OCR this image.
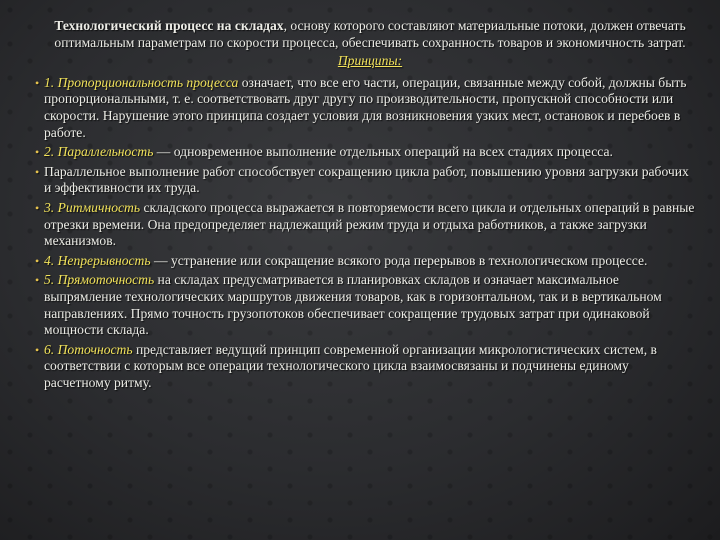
Технологический процесс на складах, основу которого составляют материальные потоки, должен отвечать оптимальным параметрам по скорости процесса, обеспечивать сохранность товаров и экономичность затрат.

Принципы:

• 1. Пропорциональность процесса означает, что все его части, операции, связанные между собой, должны быть пропорциональными, т. е. соответствовать друг другу по производительности, пропускной способности или скорости. Нарушение этого принципа создает условия для возникновения узких мест, остановок и перебоев в работе.
• 2. Параллельность — одновременное выполнение отдельных операций на всех стадиях процесса.
• Параллельное выполнение работ способствует сокращению цикла работ, повышению уровня загрузки рабочих и эффективности их труда.
• 3. Ритмичность складского процесса выражается в повторяемости всего цикла и отдельных операций в равные отрезки времени. Она предопределяет надлежащий режим труда и отдыха работников, а также загрузки механизмов.
• 4. Непрерывность — устранение или сокращение всякого рода перерывов в технологическом процессе.
• 5. Прямоточность на складах предусматривается в планировках складов и означает максимальное выпрямление технологических маршрутов движения товаров, как в горизонтальном, так и в вертикальном направлениях. Прямо точность грузопотоков обеспечивает сокращение трудовых затрат при одинаковой мощности склада.
• 6. Поточность представляет ведущий принцип современной организации микрологистических систем, в соответствии с которым все операции технологического цикла взаимосвязаны и подчинены единому расчетному ритму.
